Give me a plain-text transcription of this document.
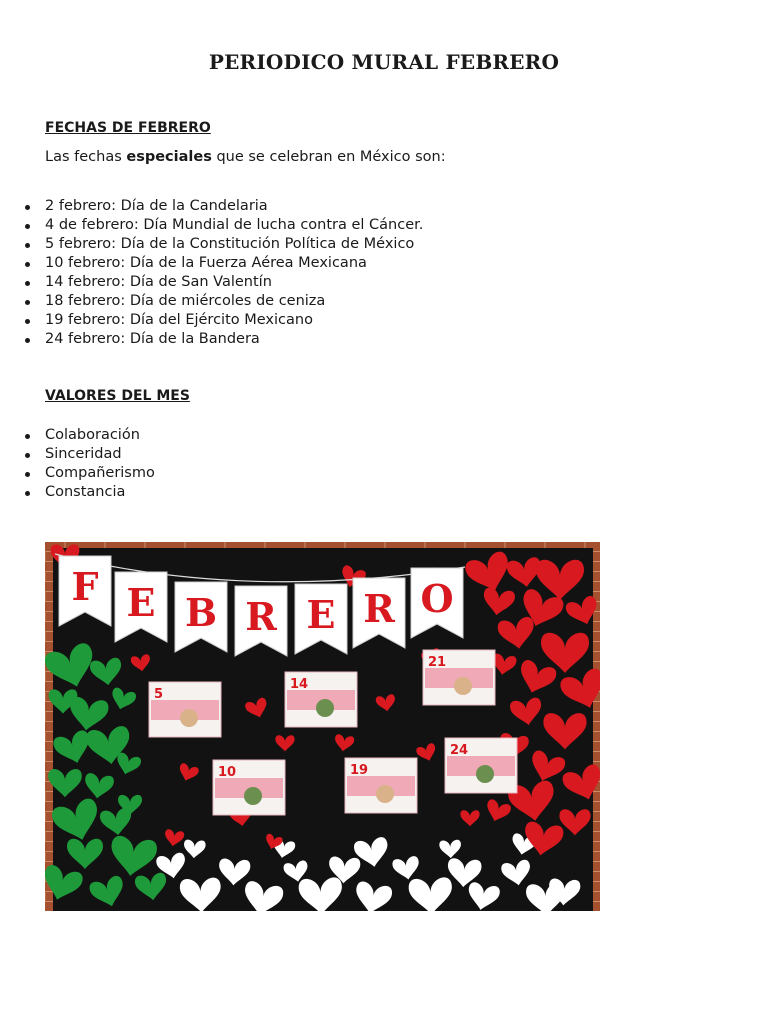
PERIODICO MURAL FEBRERO
FECHAS DE FEBRERO
Las fechas especiales que se celebran en México son:
2 febrero: Día de la Candelaria
4 de febrero: Día Mundial de lucha contra el Cáncer.
5 febrero: Día de la Constitución Política de México
10 febrero: Día de la Fuerza Aérea Mexicana
14 febrero: Día de San Valentín
18 febrero: Día de miércoles de ceniza
19 febrero: Día del Ejército Mexicano
24 febrero: Día de la Bandera
VALORES DEL MES
Colaboración
Sinceridad
Compañerismo
Constancia
5
14
21
10	19
24
F E B R E R O
